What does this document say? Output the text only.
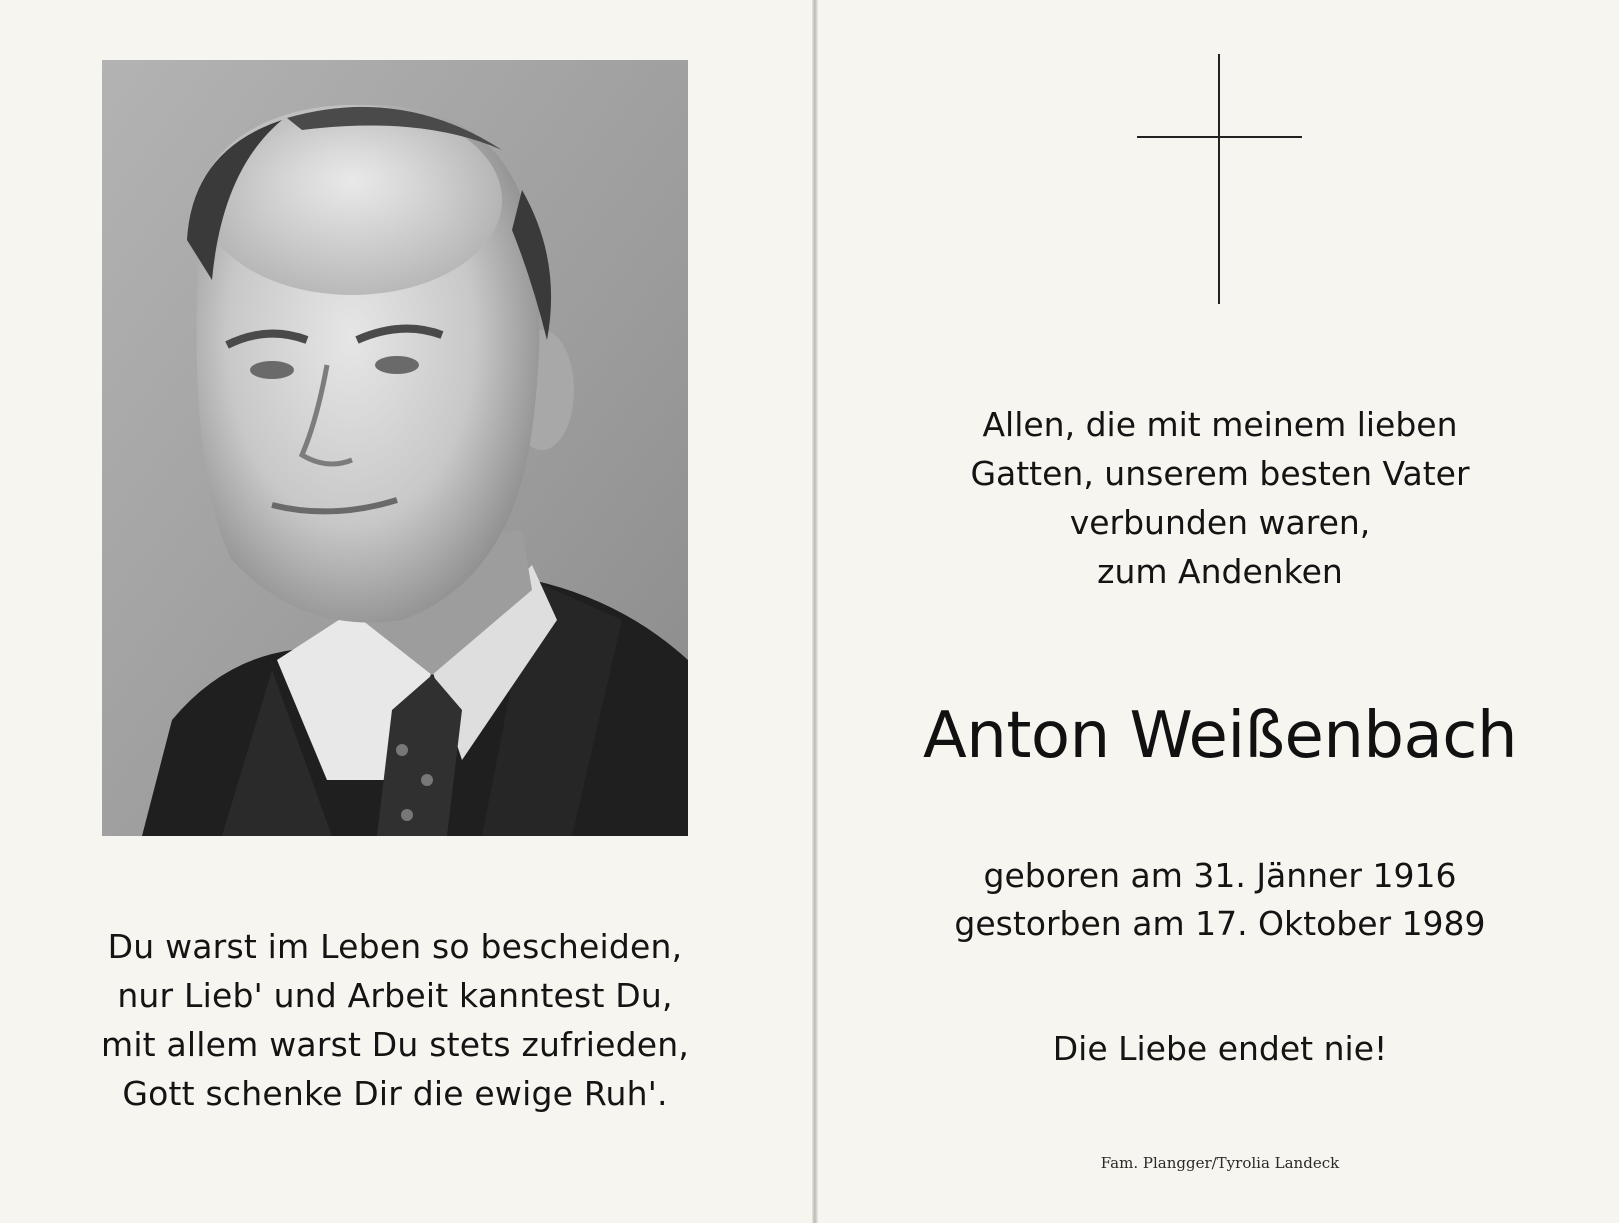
Du warst im Leben so bescheiden,
nur Lieb' und Arbeit kanntest Du,
mit allem warst Du stets zufrieden,
Gott schenke Dir die ewige Ruh'.
Allen, die mit meinem lieben
Gatten, unserem besten Vater
verbunden waren,
zum Andenken
Anton Weißenbach
geboren am 31. Jänner 1916
gestorben am 17. Oktober 1989
Die Liebe endet nie!
Fam. Plangger/Tyrolia Landeck
